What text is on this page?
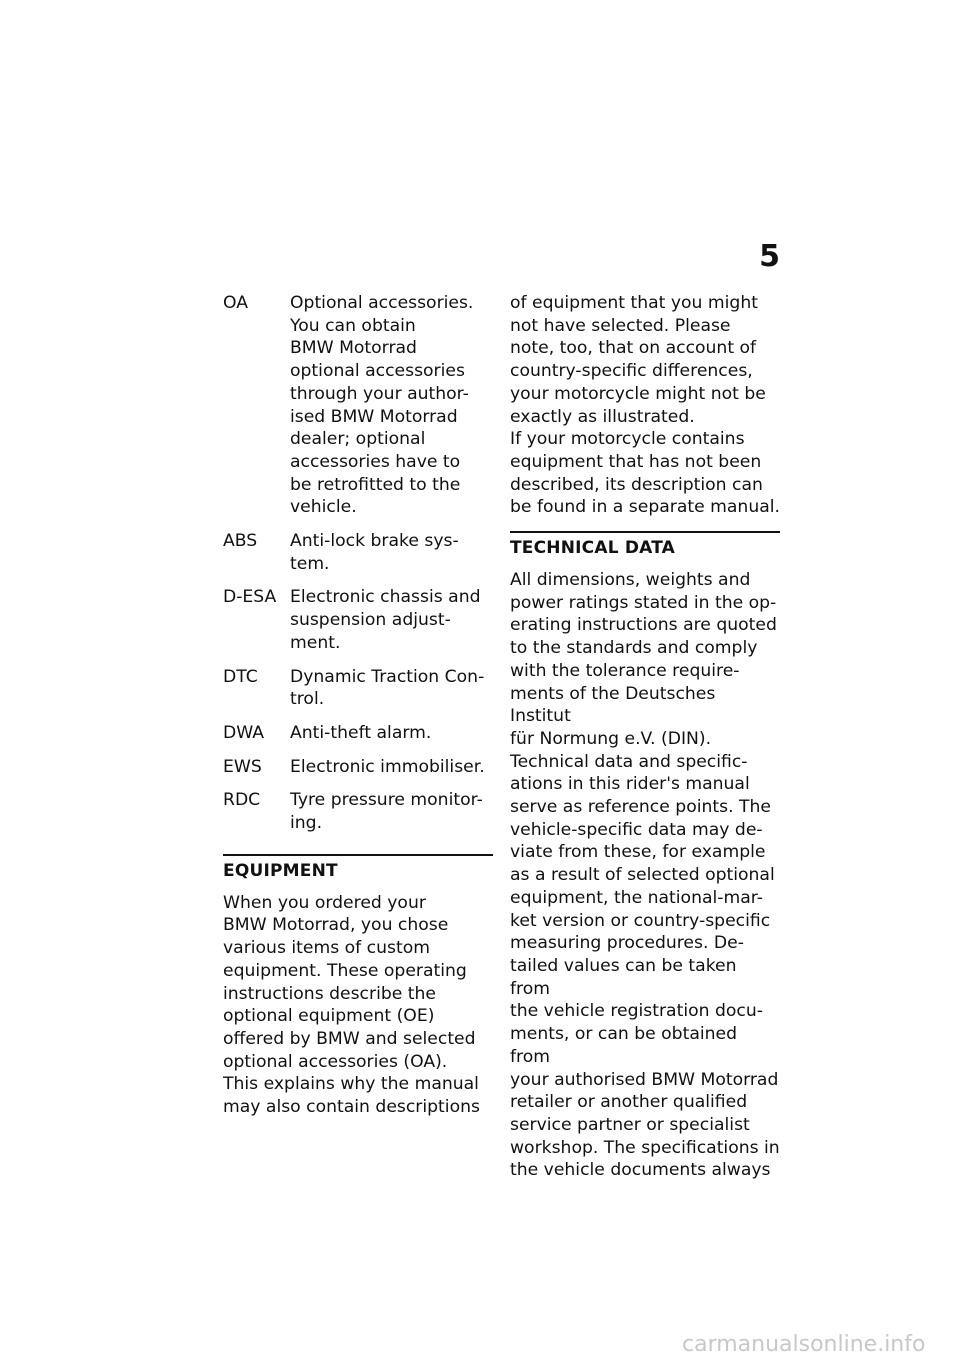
5
OA	Optional accessories.
You can obtain
BMW Motorrad
optional accessories
through your author-
ised BMW Motorrad
dealer; optional
accessories have to
be retrofitted to the
vehicle.
ABS	Anti-lock brake sys-
tem.
D-ESA Electronic chassis and
suspension adjust-
ment.
DTC	Dynamic Traction Con-
trol.
DWA	Anti-theft alarm.
EWS	Electronic immobiliser.
RDC	Tyre pressure monitor-
ing.
EQUIPMENT
When you ordered your
BMW Motorrad, you chose
various items of custom
equipment. These operating
instructions describe the
optional equipment (OE)
offered by BMW and selected
optional accessories (OA).
This explains why the manual
may also contain descriptions
of equipment that you might
not have selected. Please
note, too, that on account of
country-specific differences,
your motorcycle might not be
exactly as illustrated.
If your motorcycle contains
equipment that has not been
described, its description can
be found in a separate manual.
TECHNICAL DATA
All dimensions, weights and
power ratings stated in the op-
erating instructions are quoted
to the standards and comply
with the tolerance require-
ments of the Deutsches Institut
für Normung e.V. (DIN).
Technical data and specific-
ations in this rider's manual
serve as reference points. The
vehicle-specific data may de-
viate from these, for example
as a result of selected optional
equipment, the national-mar-
ket version or country-specific
measuring procedures. De-
tailed values can be taken from
the vehicle registration docu-
ments, or can be obtained from
your authorised BMW Motorrad
retailer or another qualified
service partner or specialist
workshop. The specifications in
the vehicle documents always
carmanualsonline.info
